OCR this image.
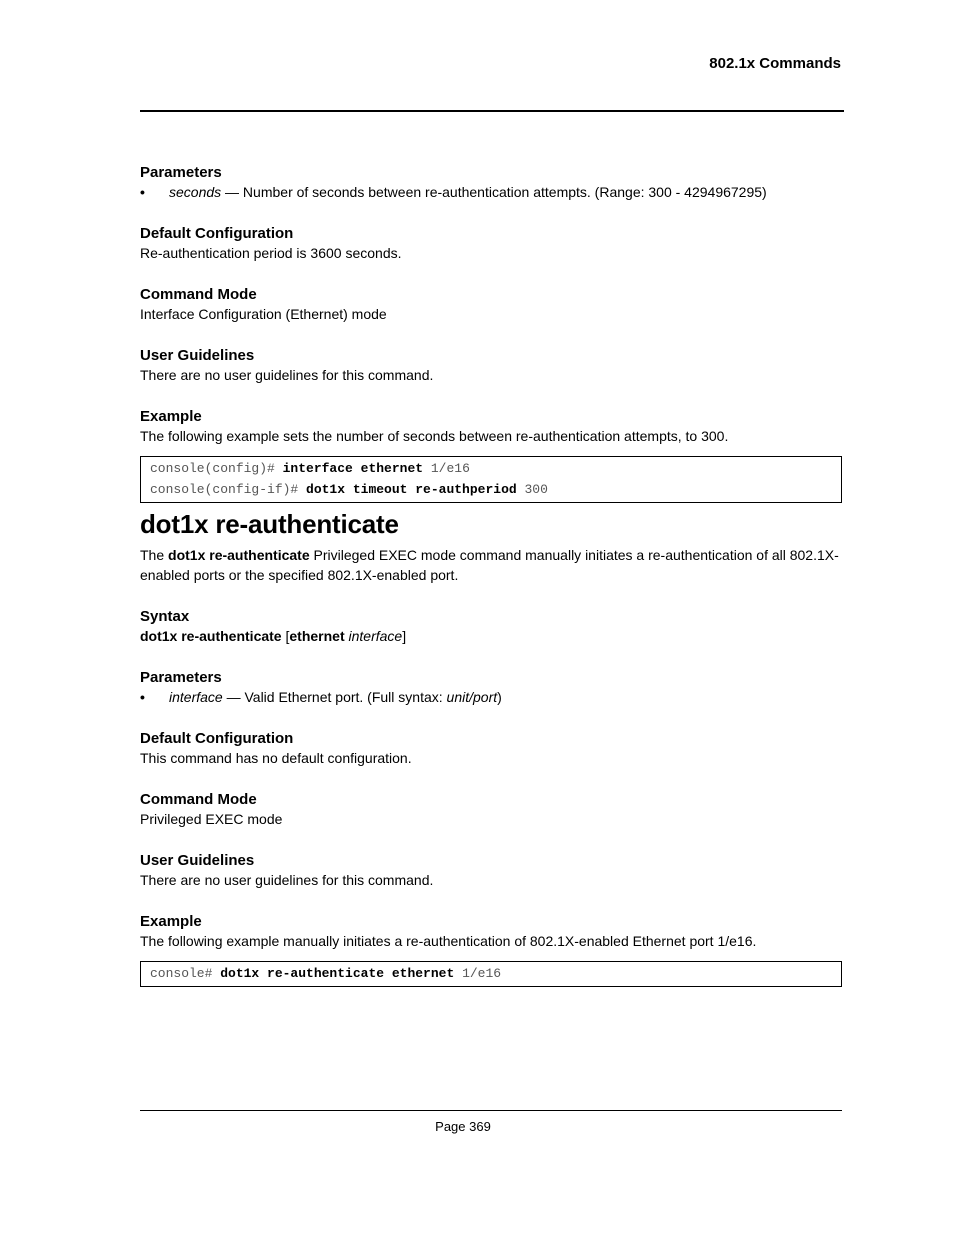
802.1x Commands

Parameters

•	seconds — Number of seconds between re-authentication attempts. (Range: 300 - 4294967295)

Default Configuration

Re-authentication period is 3600 seconds.

Command Mode

Interface Configuration (Ethernet) mode

User Guidelines

There are no user guidelines for this command.

Example

The following example sets the number of seconds between re-authentication attempts, to 300.

console(config)# interface ethernet 1/e16
console(config-if)# dot1x timeout re-authperiod 300
dot1x re-authenticate

The dot1x re-authenticate Privileged EXEC mode command manually initiates a re-authentication of all 802.1X-enabled ports or the specified 802.1X-enabled port.

Syntax

dot1x re-authenticate [ethernet interface]

Parameters

•	interface — Valid Ethernet port. (Full syntax: unit/port)

Default Configuration

This command has no default configuration.

Command Mode

Privileged EXEC mode

User Guidelines

There are no user guidelines for this command.

Example

The following example manually initiates a re-authentication of 802.1X-enabled Ethernet port 1/e16.

console# dot1x re-authenticate ethernet 1/e16

Page 369
